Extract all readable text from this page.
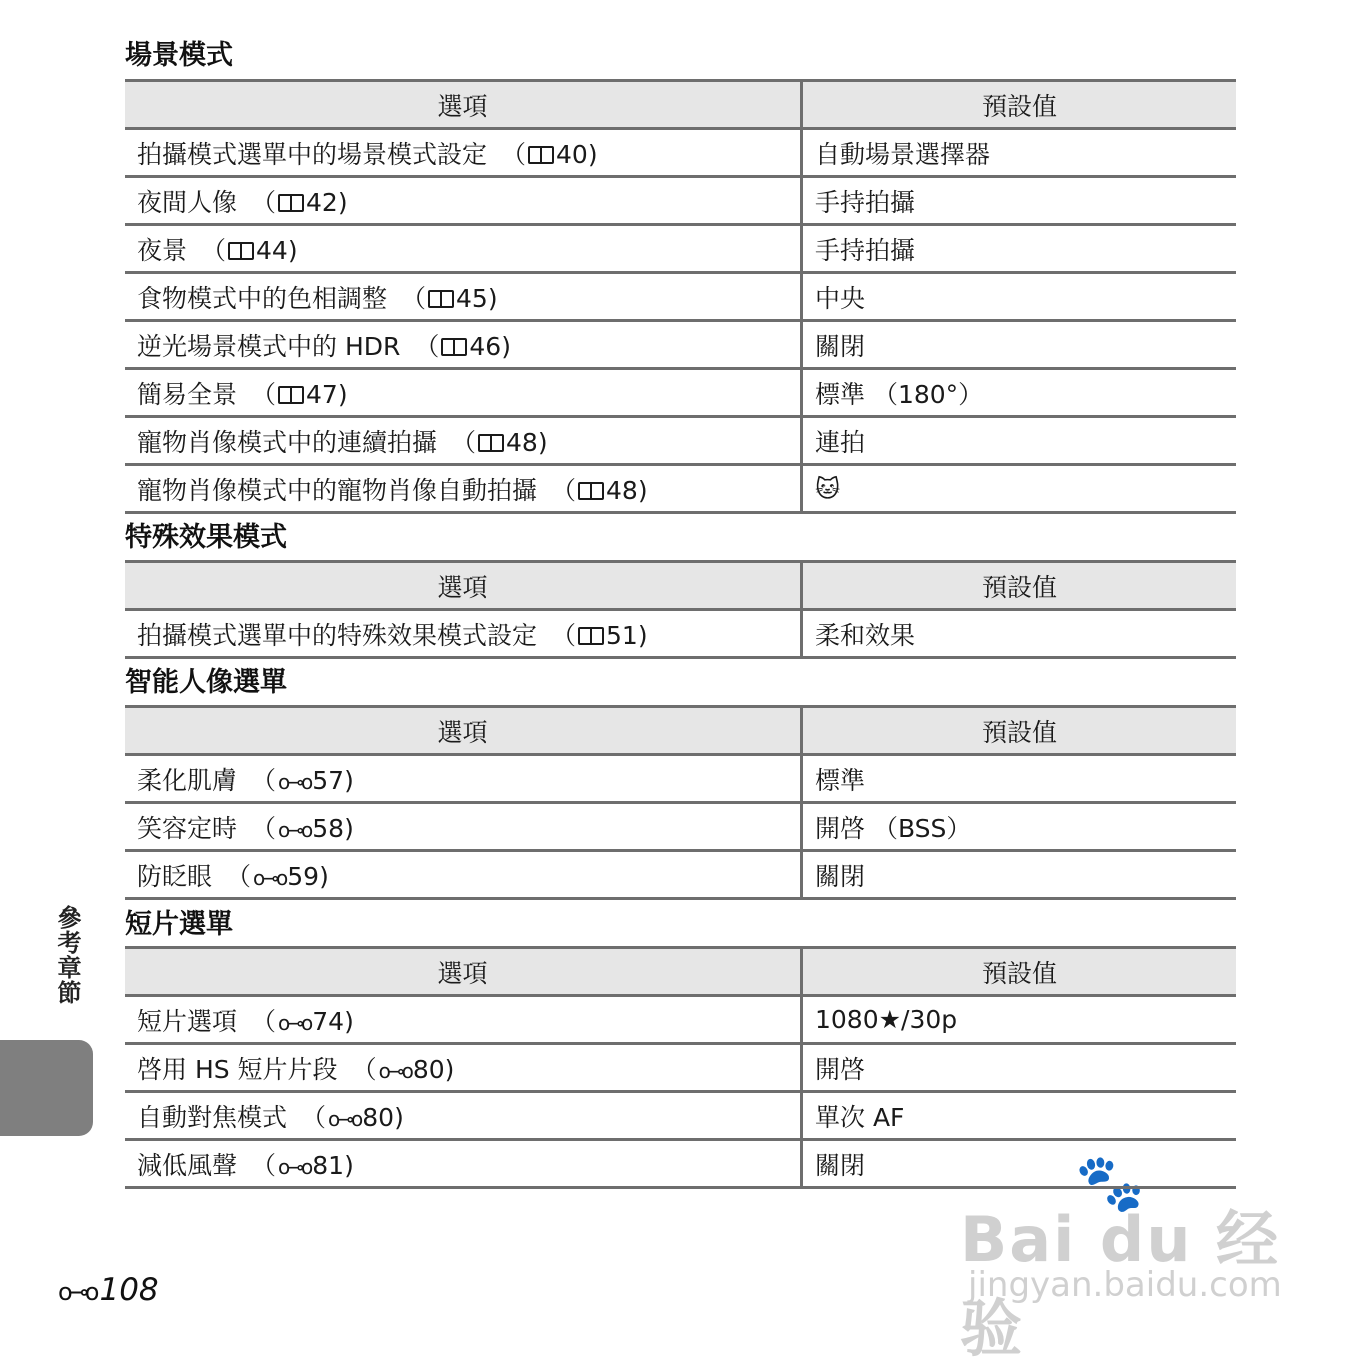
參考章節
o⊸o 108
🐾
Bai du 经验
jingyan.baidu.com
場景模式
選項	預設值
拍攝模式選單中的場景模式設定 （ 40)	自動場景選擇器
夜間人像 （ 42)	手持拍攝
夜景 （ 44)	手持拍攝
食物模式中的色相調整 （ 45)	中央
逆光場景模式中的 HDR （ 46)	關閉
簡易全景 （ 47)	標準 （180°）
寵物肖像模式中的連續拍攝 （ 48)	連拍
寵物肖像模式中的寵物肖像自動拍攝 （ 48)	🐱
特殊效果模式
選項	預設值
拍攝模式選單中的特殊效果模式設定 （ 51)	柔和效果
智能人像選單
選項	預設值
柔化肌膚 （ o⊸o57)	標準
笑容定時 （ o⊸o58)	開啓 （BSS）
防眨眼 （ o⊸o59)	關閉
短片選單
選項	預設值
短片選項 （ o⊸o74)	1080★/30p
啓用 HS 短片片段 （ o⊸o80)	開啓
自動對焦模式 （ o⊸o80)	單次 AF
減低風聲 （ o⊸o81)	關閉
